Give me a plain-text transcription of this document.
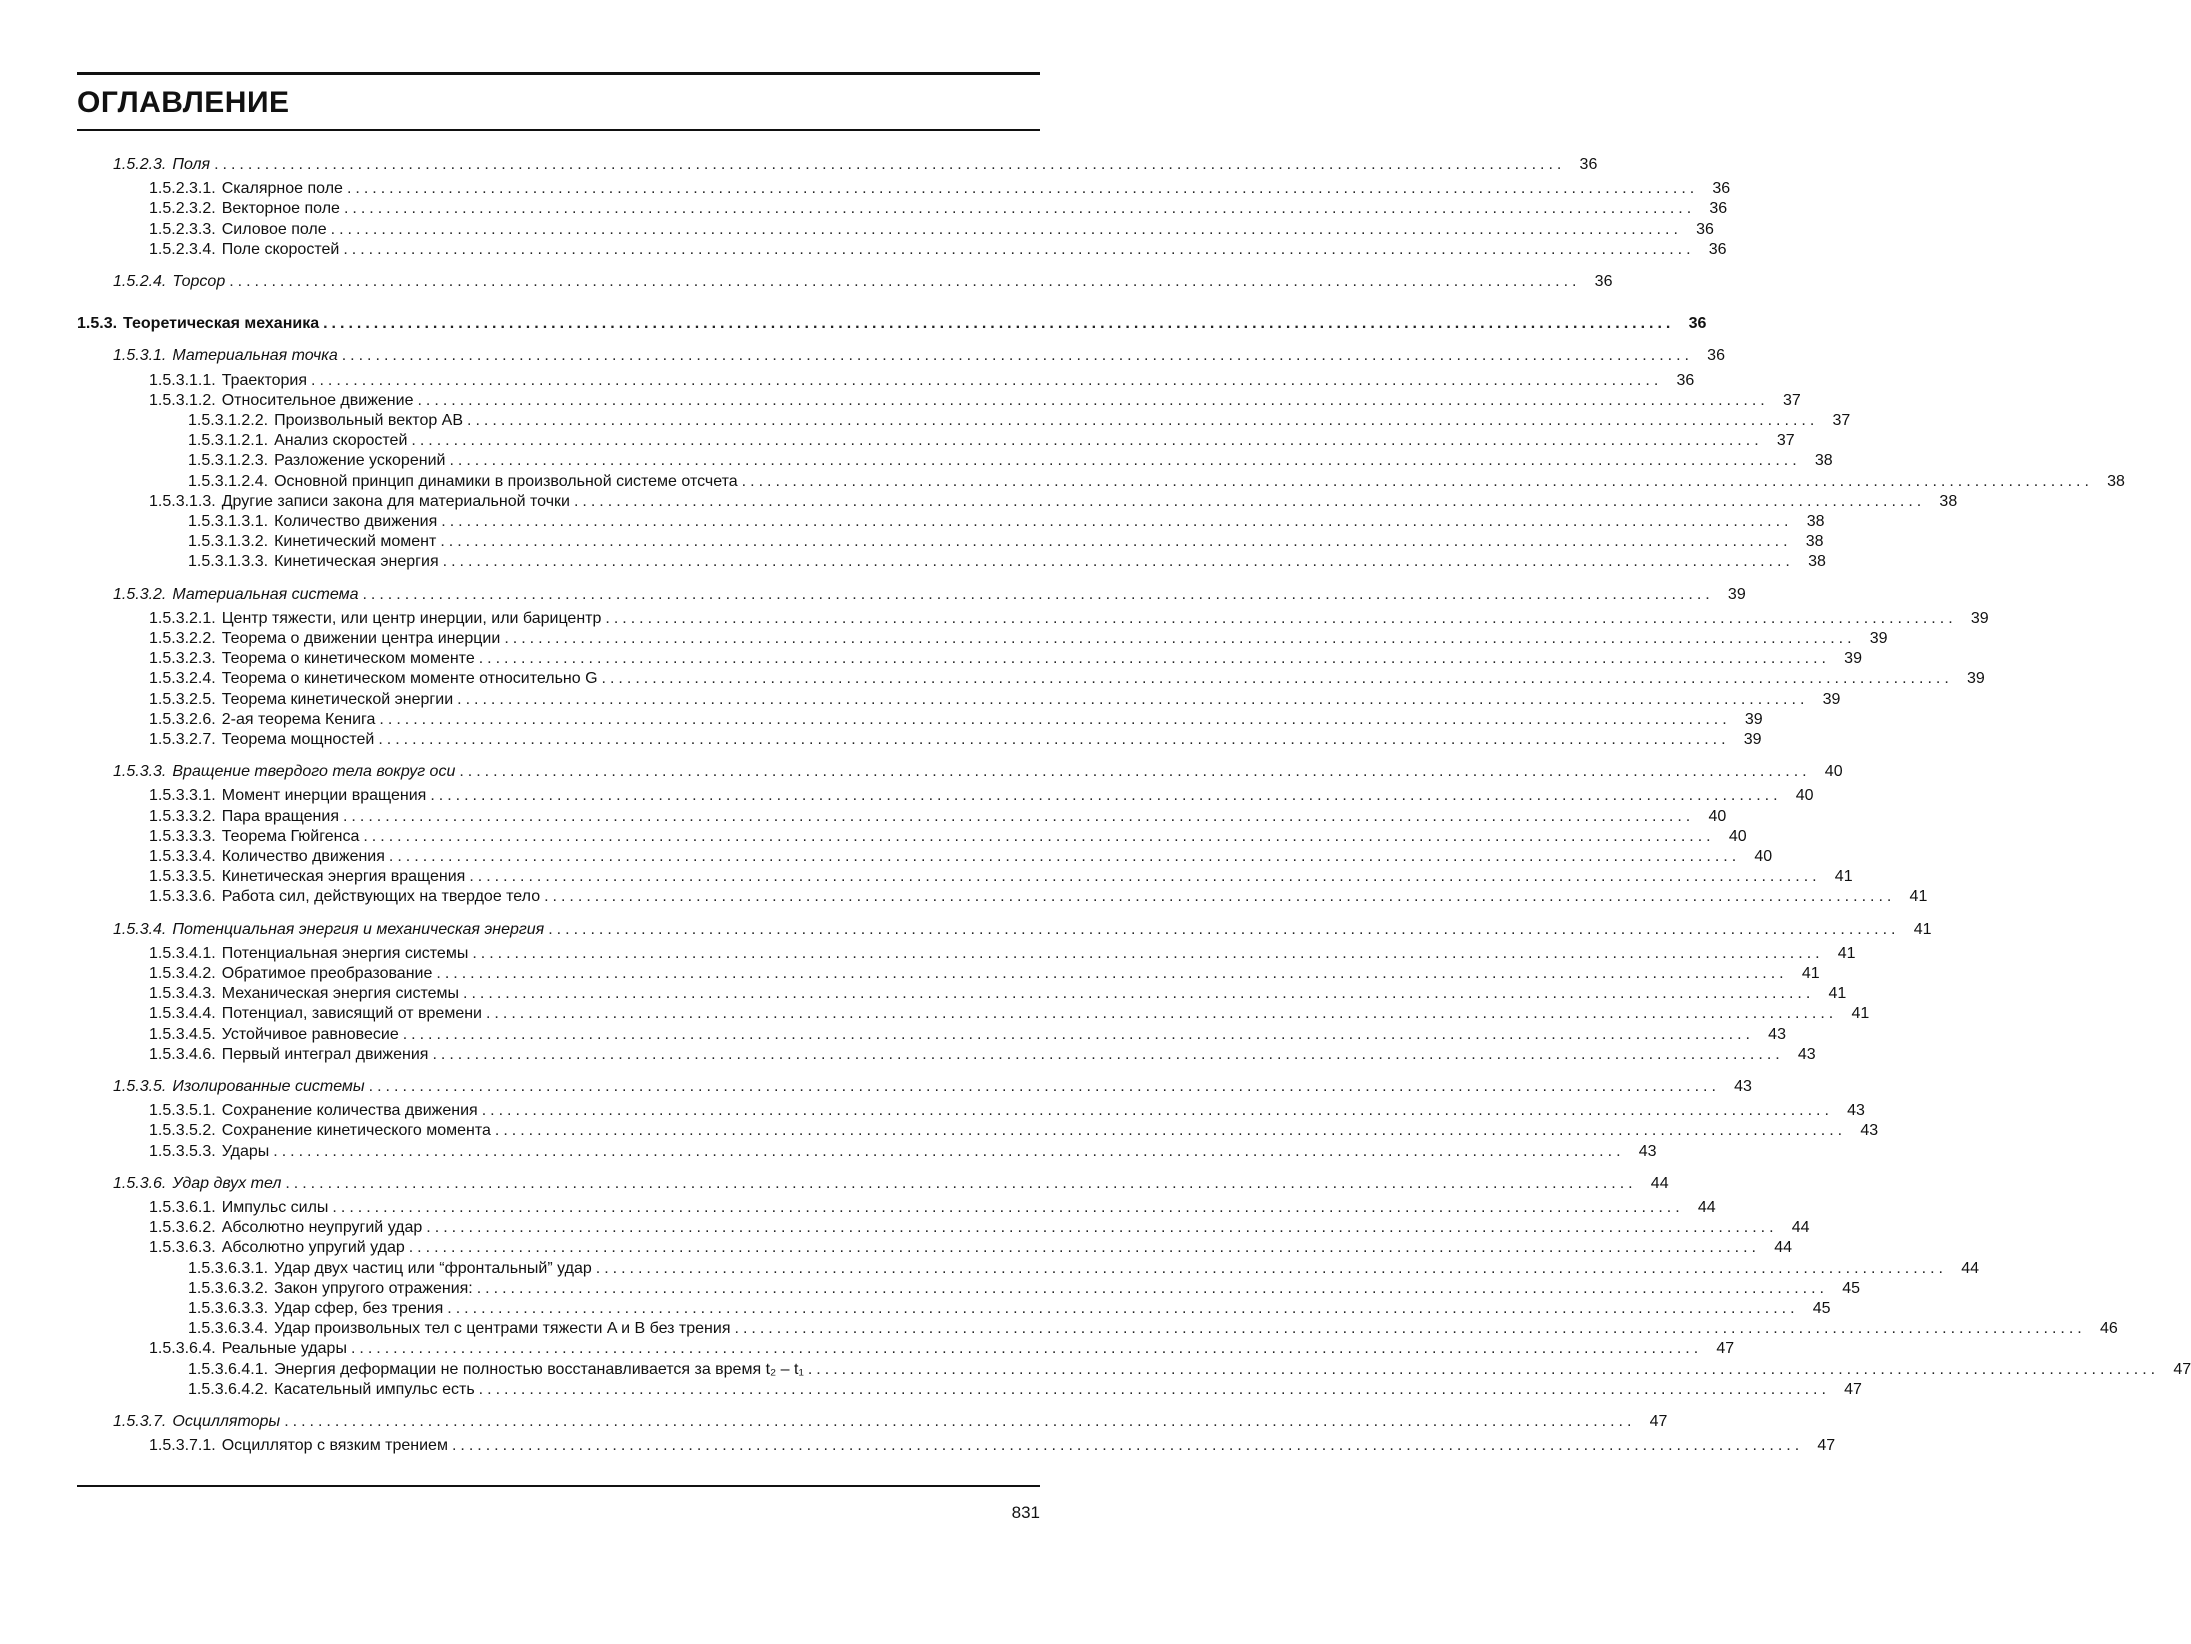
ОГЛАВЛЕНИЕ
1.5.2.3. Поля ................................................................................................................................................................ 36
1.5.2.3.1. Скалярное поле ................................................................................................................................................................ 36
1.5.2.3.2. Векторное поле ................................................................................................................................................................ 36
1.5.2.3.3. Силовое поле ................................................................................................................................................................ 36
1.5.2.3.4. Поле скоростей ................................................................................................................................................................ 36
1.5.2.4. Торсор ................................................................................................................................................................ 36
1.5.3. Теоретическая механика ................................................................................................................................................................ 36
1.5.3.1. Материальная точка ................................................................................................................................................................ 36
1.5.3.1.1. Траектория ................................................................................................................................................................ 36
1.5.3.1.2. Относительное движение ................................................................................................................................................................ 37
1.5.3.1.2.2. Произвольный вектор AB ................................................................................................................................................................ 37
1.5.3.1.2.1. Анализ скоростей ................................................................................................................................................................ 37
1.5.3.1.2.3. Разложение ускорений ................................................................................................................................................................ 38
1.5.3.1.2.4. Основной принцип динамики в произвольной системе отсчета ................................................................................................................................................................ 38
1.5.3.1.3. Другие записи закона для материальной точки ................................................................................................................................................................ 38
1.5.3.1.3.1. Количество движения ................................................................................................................................................................ 38
1.5.3.1.3.2. Кинетический момент ................................................................................................................................................................ 38
1.5.3.1.3.3. Кинетическая энергия ................................................................................................................................................................ 38
1.5.3.2. Материальная система ................................................................................................................................................................ 39
1.5.3.2.1. Центр тяжести, или центр инерции, или барицентр ................................................................................................................................................................ 39
1.5.3.2.2. Теорема о движении центра инерции ................................................................................................................................................................ 39
1.5.3.2.3. Теорема о кинетическом моменте ................................................................................................................................................................ 39
1.5.3.2.4. Теорема о кинетическом моменте относительно G ................................................................................................................................................................ 39
1.5.3.2.5. Теорема кинетической энергии ................................................................................................................................................................ 39
1.5.3.2.6. 2-ая теорема Кенига ................................................................................................................................................................ 39
1.5.3.2.7. Теорема мощностей ................................................................................................................................................................ 39
1.5.3.3. Вращение твердого тела вокруг оси ................................................................................................................................................................ 40
1.5.3.3.1. Момент инерции вращения ................................................................................................................................................................ 40
1.5.3.3.2. Пара вращения ................................................................................................................................................................ 40
1.5.3.3.3. Теорема Гюйгенса ................................................................................................................................................................ 40
1.5.3.3.4. Количество движения ................................................................................................................................................................ 40
1.5.3.3.5. Кинетическая энергия вращения ................................................................................................................................................................ 41
1.5.3.3.6. Работа сил, действующих на твердое тело ................................................................................................................................................................ 41
1.5.3.4. Потенциальная энергия и механическая энергия ................................................................................................................................................................ 41
1.5.3.4.1. Потенциальная энергия системы ................................................................................................................................................................ 41
1.5.3.4.2. Обратимое преобразование ................................................................................................................................................................ 41
1.5.3.4.3. Механическая энергия системы ................................................................................................................................................................ 41
1.5.3.4.4. Потенциал, зависящий от времени ................................................................................................................................................................ 41
1.5.3.4.5. Устойчивое равновесие ................................................................................................................................................................ 43
1.5.3.4.6. Первый интеграл движения ................................................................................................................................................................ 43
1.5.3.5. Изолированные системы ................................................................................................................................................................ 43
1.5.3.5.1. Сохранение количества движения ................................................................................................................................................................ 43
1.5.3.5.2. Сохранение кинетического момента ................................................................................................................................................................ 43
1.5.3.5.3. Удары ................................................................................................................................................................ 43
1.5.3.6. Удар двух тел ................................................................................................................................................................ 44
1.5.3.6.1. Импульс силы ................................................................................................................................................................ 44
1.5.3.6.2. Абсолютно неупругий удар ................................................................................................................................................................ 44
1.5.3.6.3. Абсолютно упругий удар ................................................................................................................................................................ 44
1.5.3.6.3.1. Удар двух частиц или “фронтальный” удар ................................................................................................................................................................ 44
1.5.3.6.3.2. Закон упругого отражения: ................................................................................................................................................................ 45
1.5.3.6.3.3. Удар сфер, без трения ................................................................................................................................................................ 45
1.5.3.6.3.4. Удар произвольных тел с центрами тяжести A и B без трения ................................................................................................................................................................ 46
1.5.3.6.4. Реальные удары ................................................................................................................................................................ 47
1.5.3.6.4.1. Энергия деформации не полностью восстанавливается за время t₂ – t₁ ................................................................................................................................................................ 47
1.5.3.6.4.2. Касательный импульс есть ................................................................................................................................................................ 47
1.5.3.7. Осцилляторы ................................................................................................................................................................ 47
1.5.3.7.1. Осциллятор с вязким трением ................................................................................................................................................................ 47
831
